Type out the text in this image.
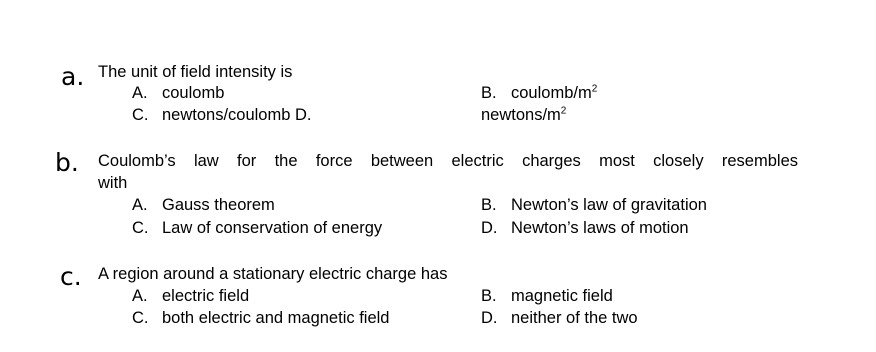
a. The unit of field intensity is
A. coulomb	B. coulomb/$m^2$
C. newtons/coulomb D.	newtons/$m^2$
b. Coulomb’s law for the force between electric charges most closely resembles
with
A. Gauss theorem	B. Newton’s law of gravitation
C. Law of conservation of energy	D. Newton’s laws of motion
c. A region around a stationary electric charge has
A. electric field	B. magnetic field
C. both electric and magnetic field	D. neither of the two
